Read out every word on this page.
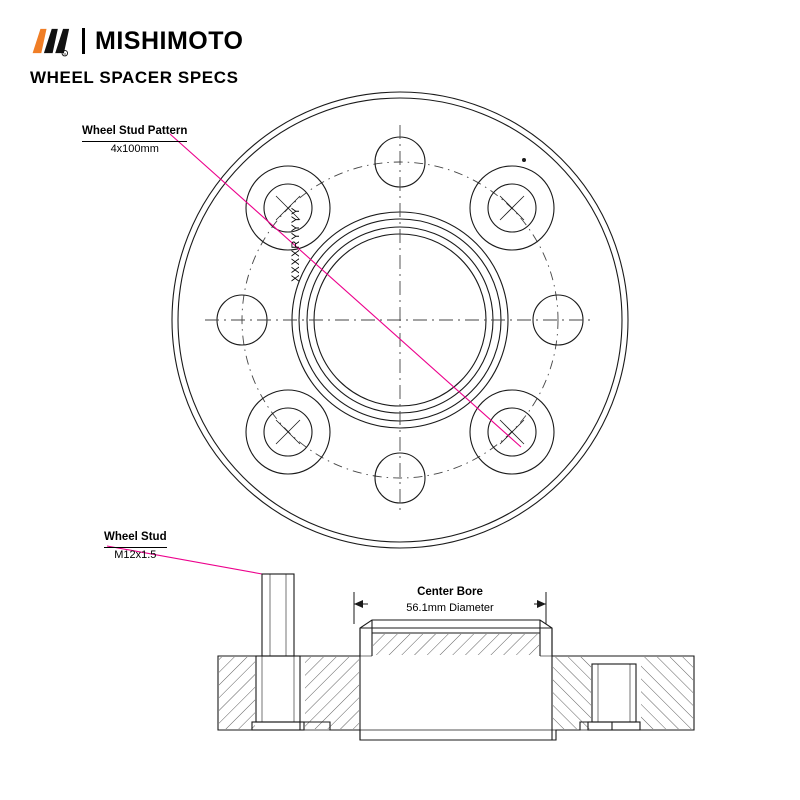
R MISHIMOTO
WHEEL SPACER SPECS
XXXXRYYYY
Wheel Stud Pattern
4x100mm
Wheel Stud
M12x1.5
Center Bore
56.1mm Diameter
